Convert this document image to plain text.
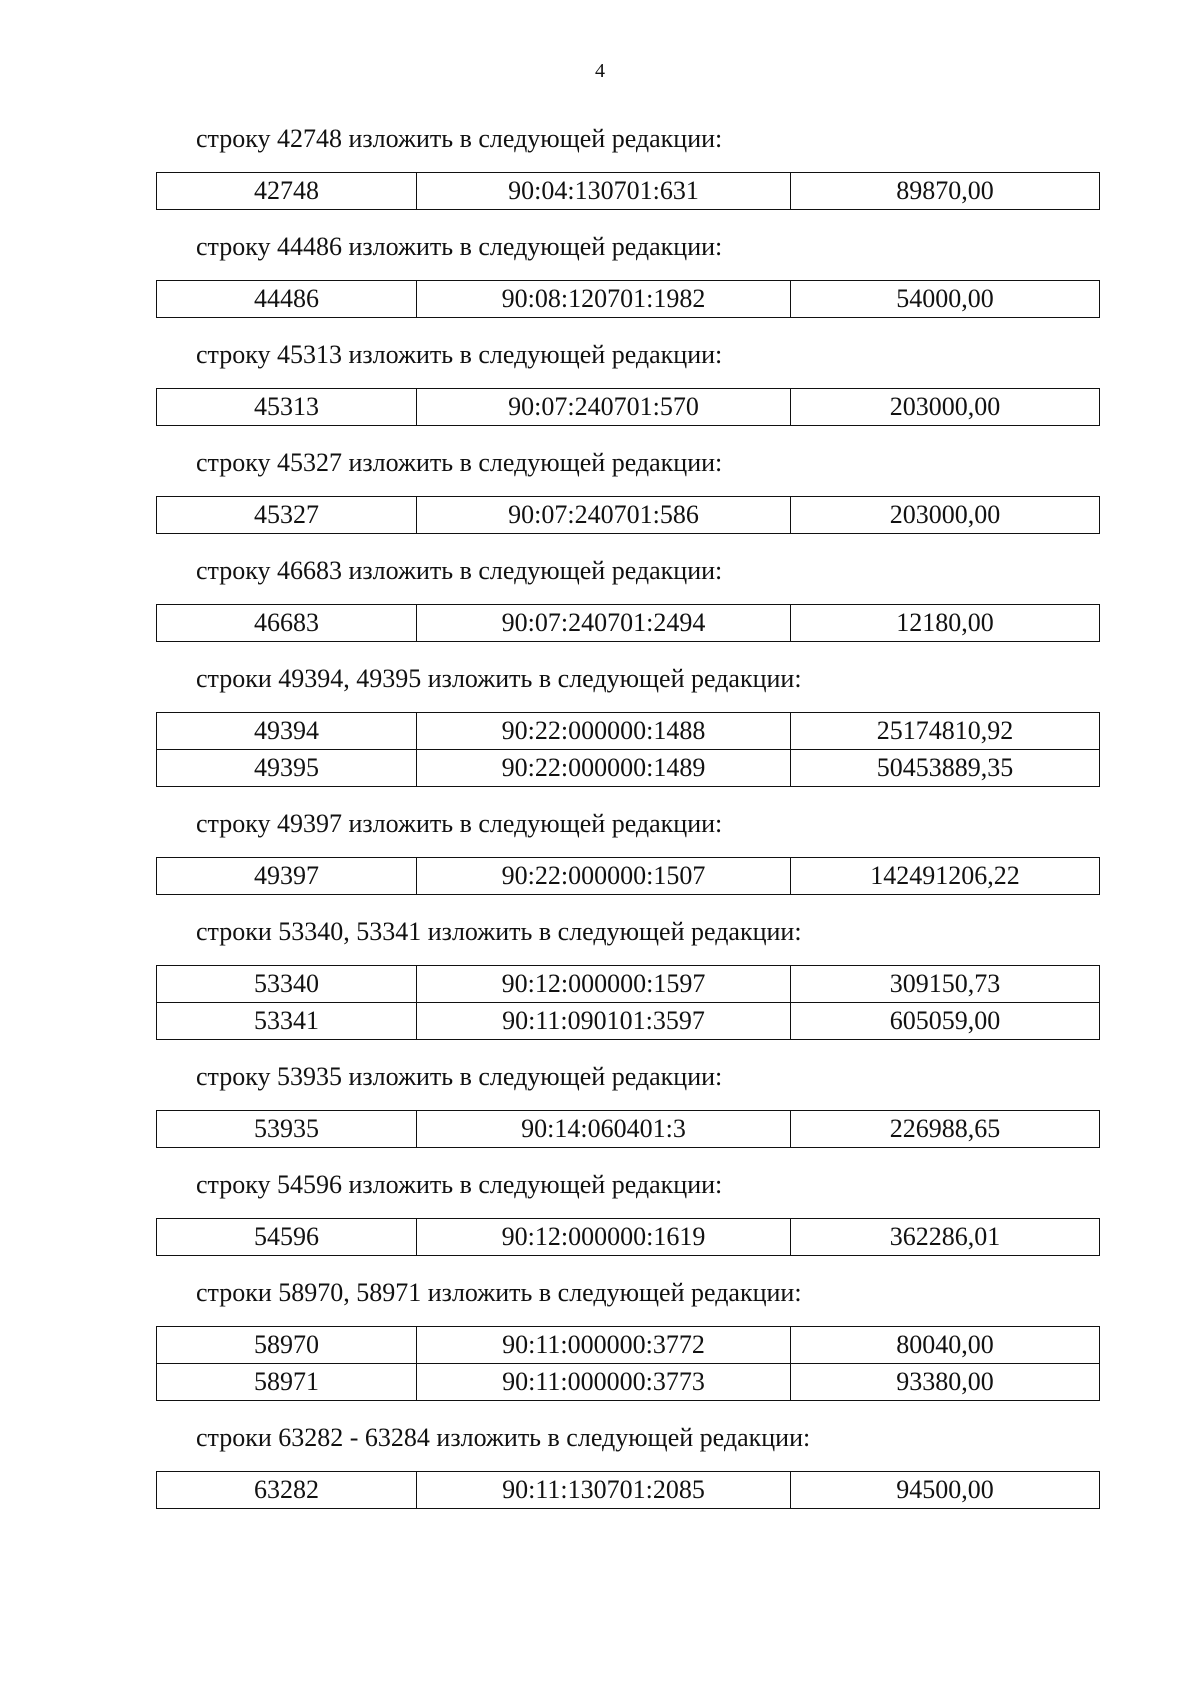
4

строку 42748 изложить в следующей редакции:

42748	90:04:130701:631	89870,00

строку 44486 изложить в следующей редакции:

44486	90:08:120701:1982	54000,00

строку 45313 изложить в следующей редакции:

45313	90:07:240701:570	203000,00

строку 45327 изложить в следующей редакции:

45327	90:07:240701:586	203000,00

строку 46683 изложить в следующей редакции:

46683	90:07:240701:2494	12180,00

строки 49394, 49395 изложить в следующей редакции:

49394	90:22:000000:1488	25174810,92
49395	90:22:000000:1489	50453889,35

строку 49397 изложить в следующей редакции:

49397	90:22:000000:1507	142491206,22

строки 53340, 53341 изложить в следующей редакции:

53340	90:12:000000:1597	309150,73
53341	90:11:090101:3597	605059,00

строку 53935 изложить в следующей редакции:

53935	90:14:060401:3	226988,65

строку 54596 изложить в следующей редакции:

54596	90:12:000000:1619	362286,01

строки 58970, 58971 изложить в следующей редакции:

58970	90:11:000000:3772	80040,00
58971	90:11:000000:3773	93380,00

строки 63282 - 63284 изложить в следующей редакции:

63282	90:11:130701:2085	94500,00
